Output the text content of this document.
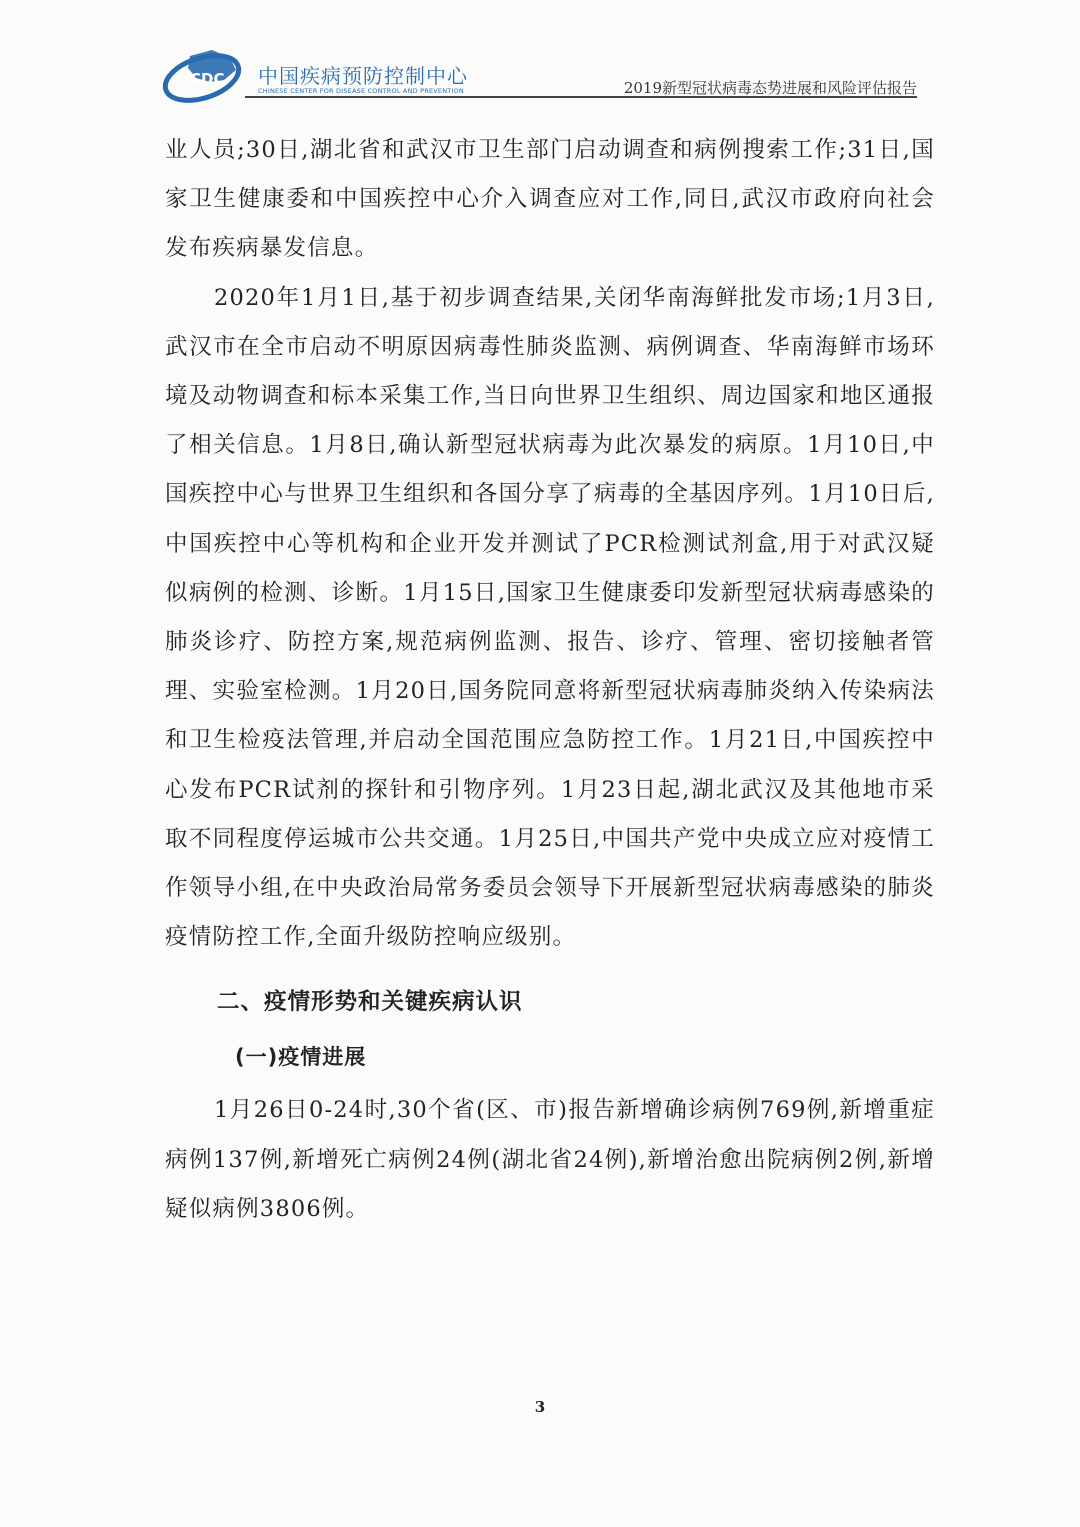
CDC 中国疾病预防控制中心
CHINESE CENTER FOR DISEASE CONTROL AND PREVENTION	2019新型冠状病毒态势进展和风险评估报告

业人员;30日,湖北省和武汉市卫生部门启动调查和病例搜索工作;31日,国家卫生健康委和中国疾控中心介入调查应对工作,同日,武汉市政府向社会发布疾病暴发信息。

2020年1月1日,基于初步调查结果,关闭华南海鲜批发市场;1月3日,武汉市在全市启动不明原因病毒性肺炎监测、病例调查、华南海鲜市场环境及动物调查和标本采集工作,当日向世界卫生组织、周边国家和地区通报了相关信息。1月8日,确认新型冠状病毒为此次暴发的病原。1月10日,中国疾控中心与世界卫生组织和各国分享了病毒的全基因序列。1月10日后,中国疾控中心等机构和企业开发并测试了PCR检测试剂盒,用于对武汉疑似病例的检测、诊断。1月15日,国家卫生健康委印发新型冠状病毒感染的肺炎诊疗、防控方案,规范病例监测、报告、诊疗、管理、密切接触者管理、实验室检测。1月20日,国务院同意将新型冠状病毒肺炎纳入传染病法和卫生检疫法管理,并启动全国范围应急防控工作。1月21日,中国疾控中心发布PCR试剂的探针和引物序列。1月23日起,湖北武汉及其他地市采取不同程度停运城市公共交通。1月25日,中国共产党中央成立应对疫情工作领导小组,在中央政治局常务委员会领导下开展新型冠状病毒感染的肺炎疫情防控工作,全面升级防控响应级别。

二、疫情形势和关键疾病认识
(一)疫情进展

1月26日0-24时,30个省(区、市)报告新增确诊病例769例,新增重症病例137例,新增死亡病例24例(湖北省24例),新增治愈出院病例2例,新增疑似病例3806例。

3
